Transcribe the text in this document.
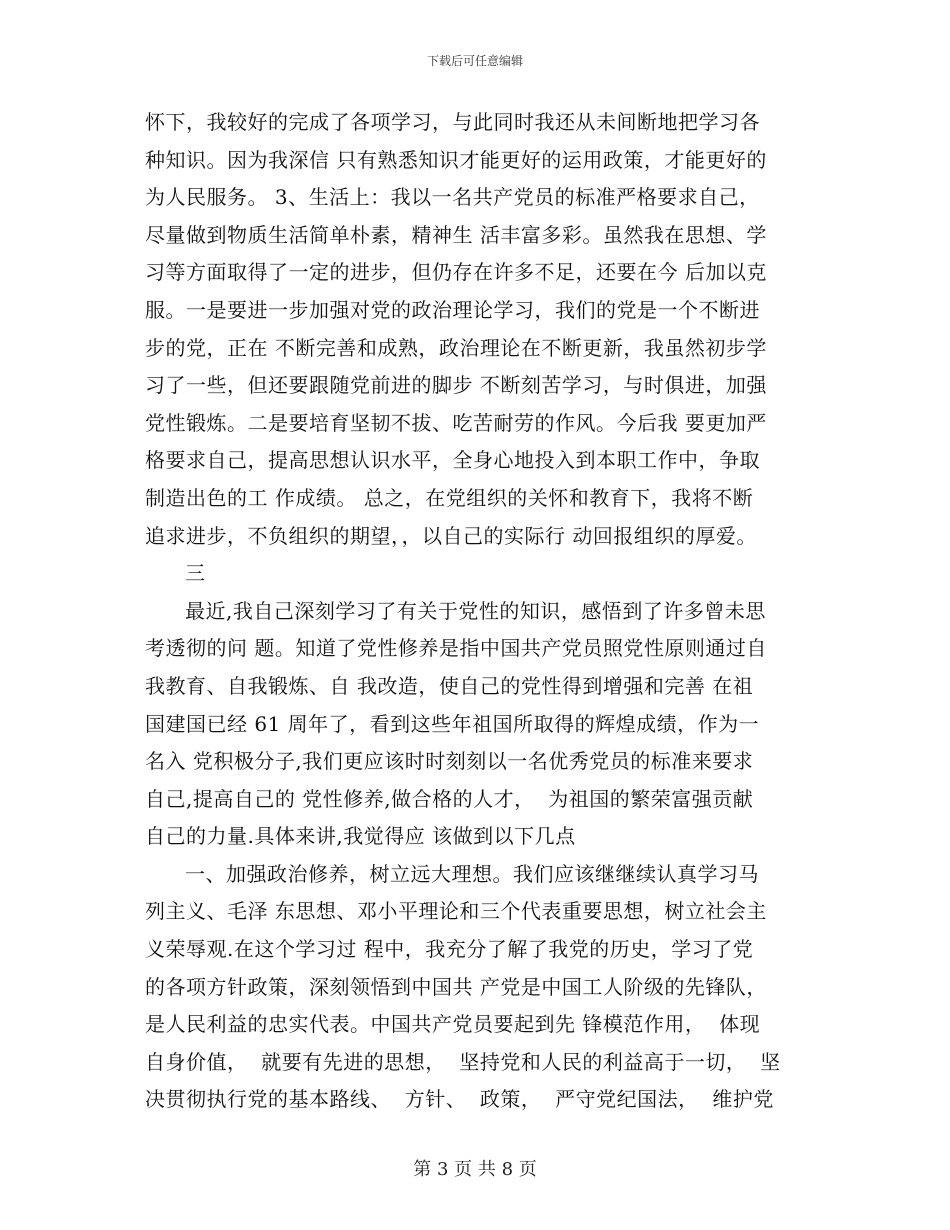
下载后可任意编辑
怀下，我较好的完成了各项学习，与此同时我还从未间断地把学习各
种知识。因为我深信 只有熟悉知识才能更好的运用政策，才能更好的
为人民服务。 3、生活上：我以一名共产党员的标准严格要求自己，
尽量做到物质生活简单朴素，精神生 活丰富多彩。虽然我在思想、学
习等方面取得了一定的进步，但仍存在许多不足，还要在今 后加以克
服。一是要进一步加强对党的政治理论学习，我们的党是一个不断进
步的党，正在 不断完善和成熟，政治理论在不断更新，我虽然初步学
习了一些，但还要跟随党前进的脚步 不断刻苦学习，与时俱进，加强
党性锻炼。二是要培育坚韧不拔、吃苦耐劳的作风。今后我 要更加严
格要求自己，提高思想认识水平，全身心地投入到本职工作中，争取
制造出色的工 作成绩。 总之，在党组织的关怀和教育下，我将不断
追求进步，不负组织的期望，，以自己的实际行 动回报组织的厚爱。
三
最近,我自己深刻学习了有关于党性的知识，感悟到了许多曾未思
考透彻的问 题。知道了党性修养是指中国共产党员照党性原则通过自
我教育、自我锻炼、自 我改造，使自己的党性得到增强和完善 在祖
国建国已经 61 周年了，看到这些年祖国所取得的辉煌成绩，作为一
名入 党积极分子,我们更应该时时刻刻以一名优秀党员的标准来要求
自己,提高自己的 党性修养,做合格的人才，  为祖国的繁荣富强贡献
自己的力量.具体来讲,我觉得应 该做到以下几点
一、加强政治修养，树立远大理想。我们应该继继续认真学习马
列主义、毛泽 东思想、邓小平理论和三个代表重要思想，树立社会主
义荣辱观.在这个学习过 程中，我充分了解了我党的历史，学习了党
的各项方针政策，深刻领悟到中国共 产党是中国工人阶级的先锋队，
是人民利益的忠实代表。中国共产党员要起到先 锋模范作用，  体现
自身价值，  就要有先进的思想，  坚持党和人民的利益高于一切，  坚
决贯彻执行党的基本路线、  方针、  政策，  严守党纪国法，  维护党
第 3 页 共 8 页
